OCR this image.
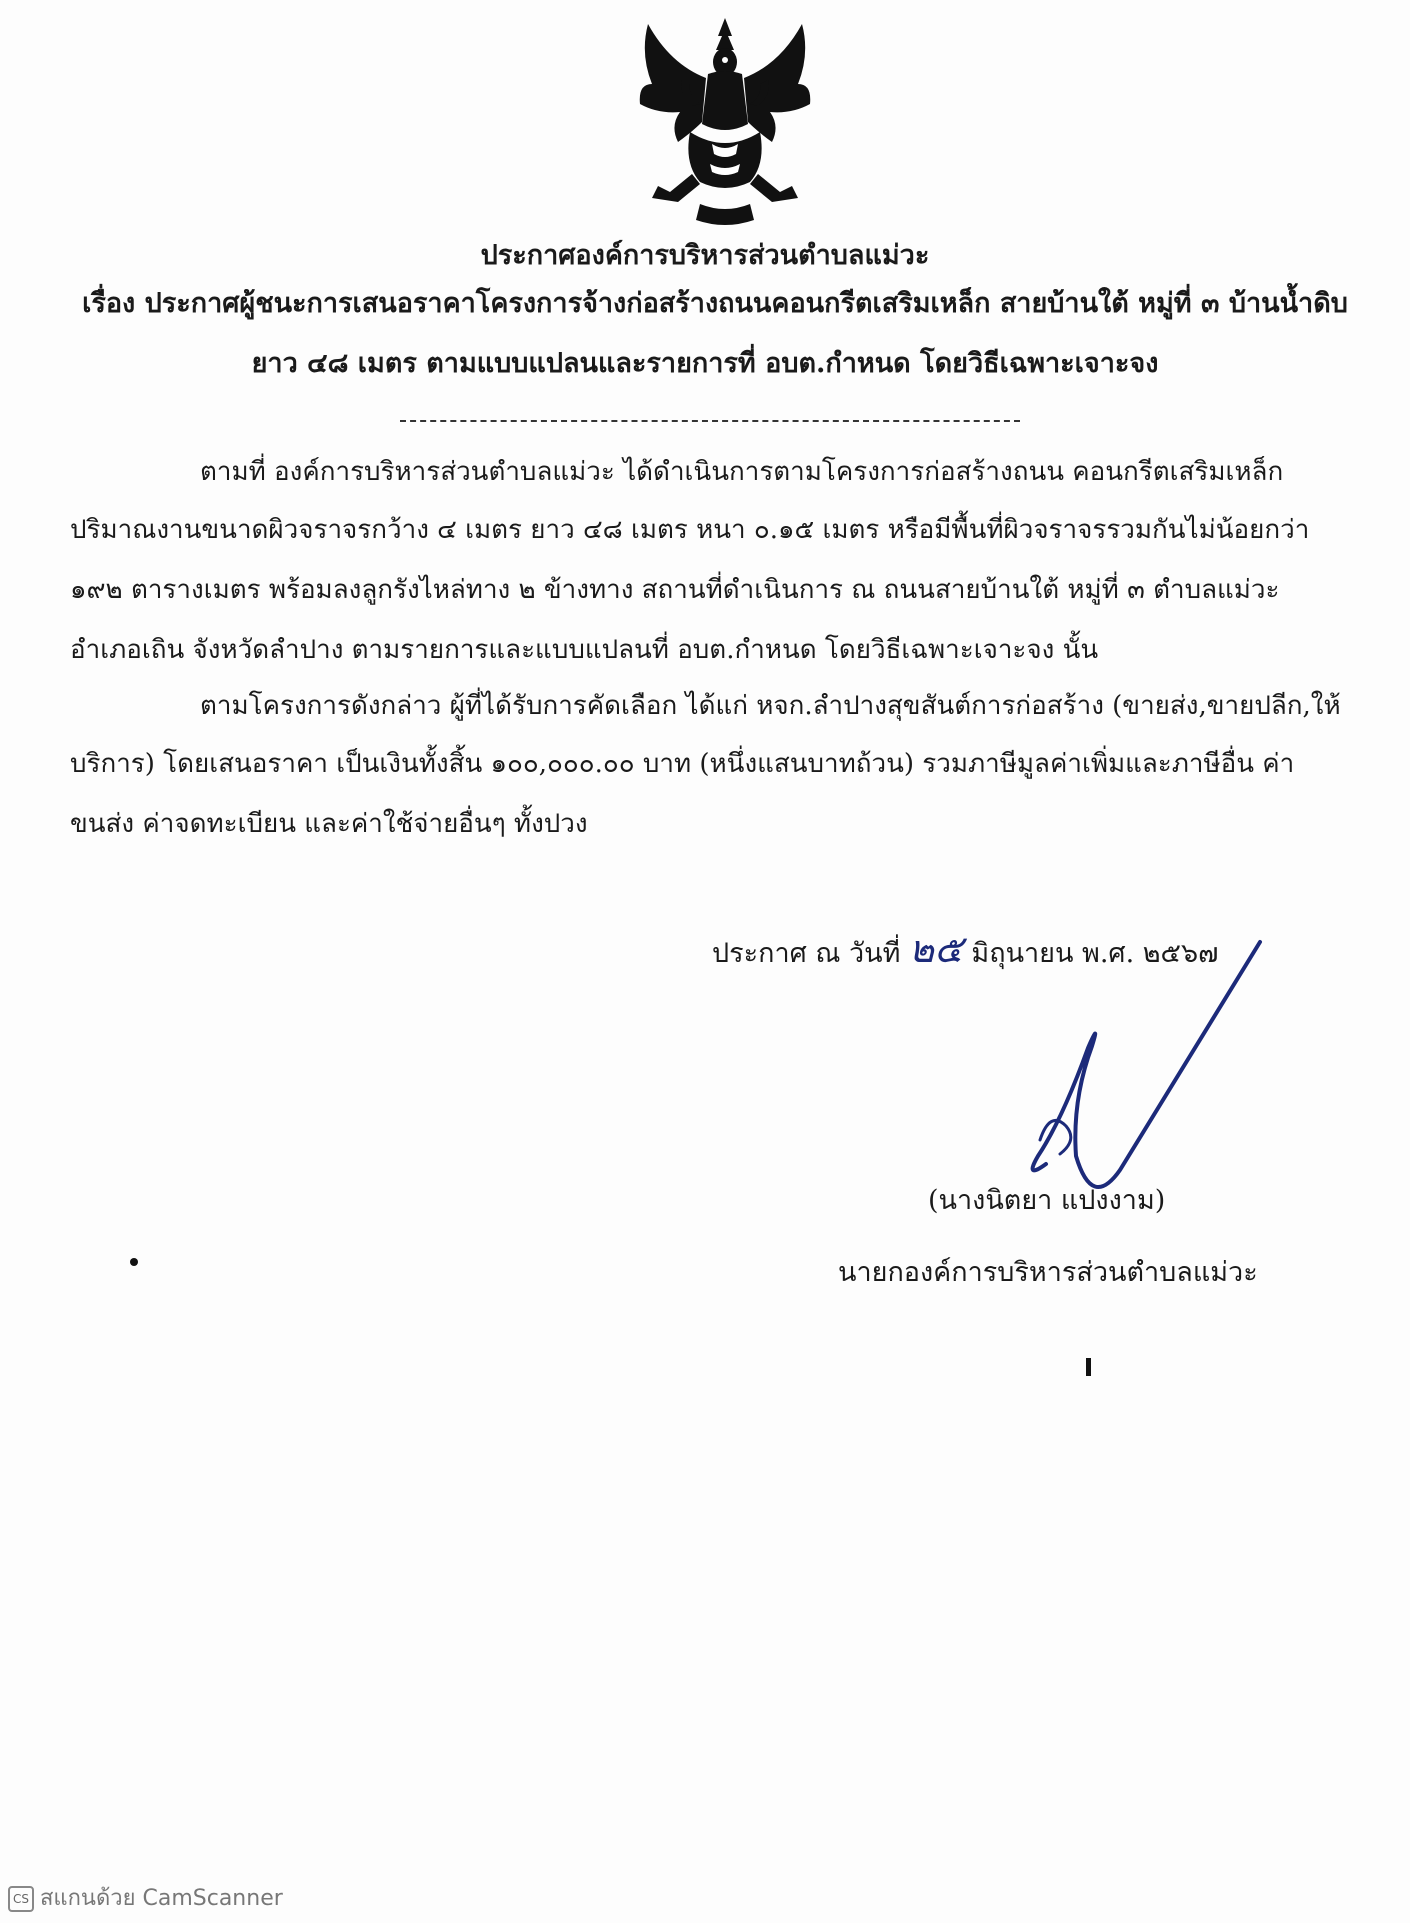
ประกาศองค์การบริหารส่วนตำบลแม่วะ
เรื่อง ประกาศผู้ชนะการเสนอราคาโครงการจ้างก่อสร้างถนนคอนกรีตเสริมเหล็ก สายบ้านใต้ หมู่ที่ ๓ บ้านน้ำดิบ
ยาว ๔๘ เมตร ตามแบบแปลนและรายการที่ อบต.กำหนด โดยวิธีเฉพาะเจาะจง
ตามที่ องค์การบริหารส่วนตำบลแม่วะ ได้ดำเนินการตามโครงการก่อสร้างถนน คอนกรีตเสริมเหล็ก
ปริมาณงานขนาดผิวจราจรกว้าง ๔ เมตร ยาว ๔๘ เมตร หนา ๐.๑๕ เมตร หรือมีพื้นที่ผิวจราจรรวมกันไม่น้อยกว่า
๑๙๒ ตารางเมตร พร้อมลงลูกรังไหล่ทาง ๒ ข้างทาง สถานที่ดำเนินการ ณ ถนนสายบ้านใต้ หมู่ที่ ๓ ตำบลแม่วะ
อำเภอเถิน จังหวัดลำปาง ตามรายการและแบบแปลนที่ อบต.กำหนด โดยวิธีเฉพาะเจาะจง นั้น
ตามโครงการดังกล่าว ผู้ที่ได้รับการคัดเลือก ได้แก่ หจก.ลำปางสุขสันต์การก่อสร้าง (ขายส่ง,ขายปลีก,ให้
บริการ) โดยเสนอราคา เป็นเงินทั้งสิ้น ๑๐๐,๐๐๐.๐๐ บาท (หนึ่งแสนบาทถ้วน) รวมภาษีมูลค่าเพิ่มและภาษีอื่น ค่า
ขนส่ง ค่าจดทะเบียน และค่าใช้จ่ายอื่นๆ ทั้งปวง
ประกาศ ณ วันที่ ๒๕ มิถุนายน พ.ศ. ๒๕๖๗
(นางนิตยา แปงงาม)
นายกองค์การบริหารส่วนตำบลแม่วะ
CS สแกนด้วย CamScanner
